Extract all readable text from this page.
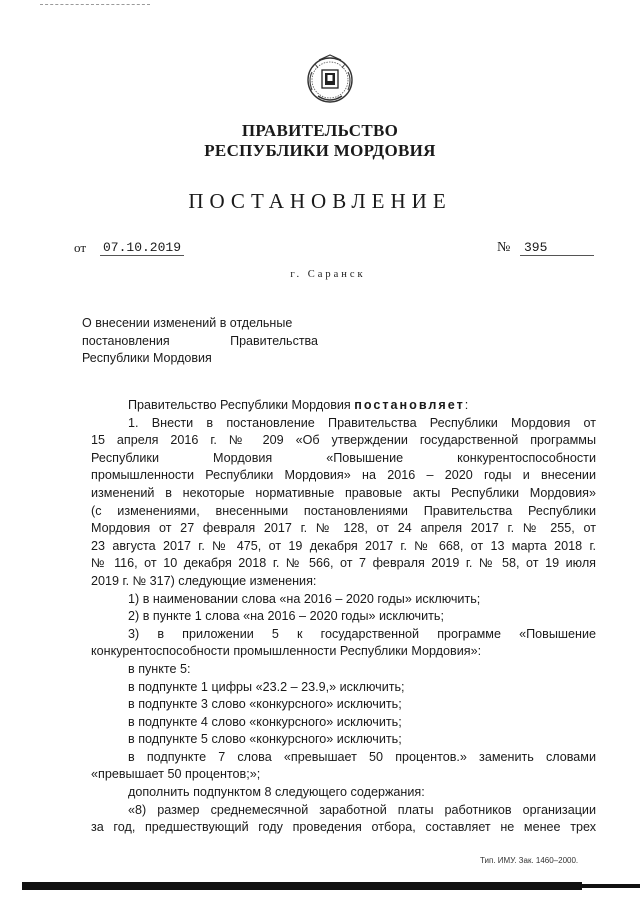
ПРАВИТЕЛЬСТВО
РЕСПУБЛИКИ МОРДОВИЯ
ПОСТАНОВЛЕНИЕ
от 07.10.2019	№	395
г. Саранск
О внесении изменений в отдельные
постановления	Правительства
Республики Мордовия
Правительство Республики Мордовия постановляет:
1. Внести в постановление Правительства Республики Мордовия от
15 апреля 2016 г. № 209 «Об утверждении государственной программы
Республики Мордовия «Повышение конкурентоспособности
промышленности Республики Мордовия» на 2016 – 2020 годы и внесении
изменений в некоторые нормативные правовые акты Республики Мордовия»
(с изменениями, внесенными постановлениями Правительства Республики
Мордовия от 27 февраля 2017 г. № 128, от 24 апреля 2017 г. № 255, от
23 августа 2017 г. № 475, от 19 декабря 2017 г. № 668, от 13 марта 2018 г.
№ 116, от 10 декабря 2018 г. № 566, от 7 февраля 2019 г. № 58, от 19 июля
2019 г. № 317) следующие изменения:
1) в наименовании слова «на 2016 – 2020 годы» исключить;
2) в пункте 1 слова «на 2016 – 2020 годы» исключить;
3) в приложении 5 к государственной программе «Повышение
конкурентоспособности промышленности Республики Мордовия»:
в пункте 5:
в подпункте 1 цифры «23.2 – 23.9,» исключить;
в подпункте 3 слово «конкурсного» исключить;
в подпункте 4 слово «конкурсного» исключить;
в подпункте 5 слово «конкурсного» исключить;
в подпункте 7 слова «превышает 50 процентов.» заменить словами
«превышает 50 процентов;»;
дополнить подпунктом 8 следующего содержания:
«8) размер среднемесячной заработной платы работников организации
за год, предшествующий году проведения отбора, составляет не менее трех
Тип. ИМУ. Зак. 1460–2000.
